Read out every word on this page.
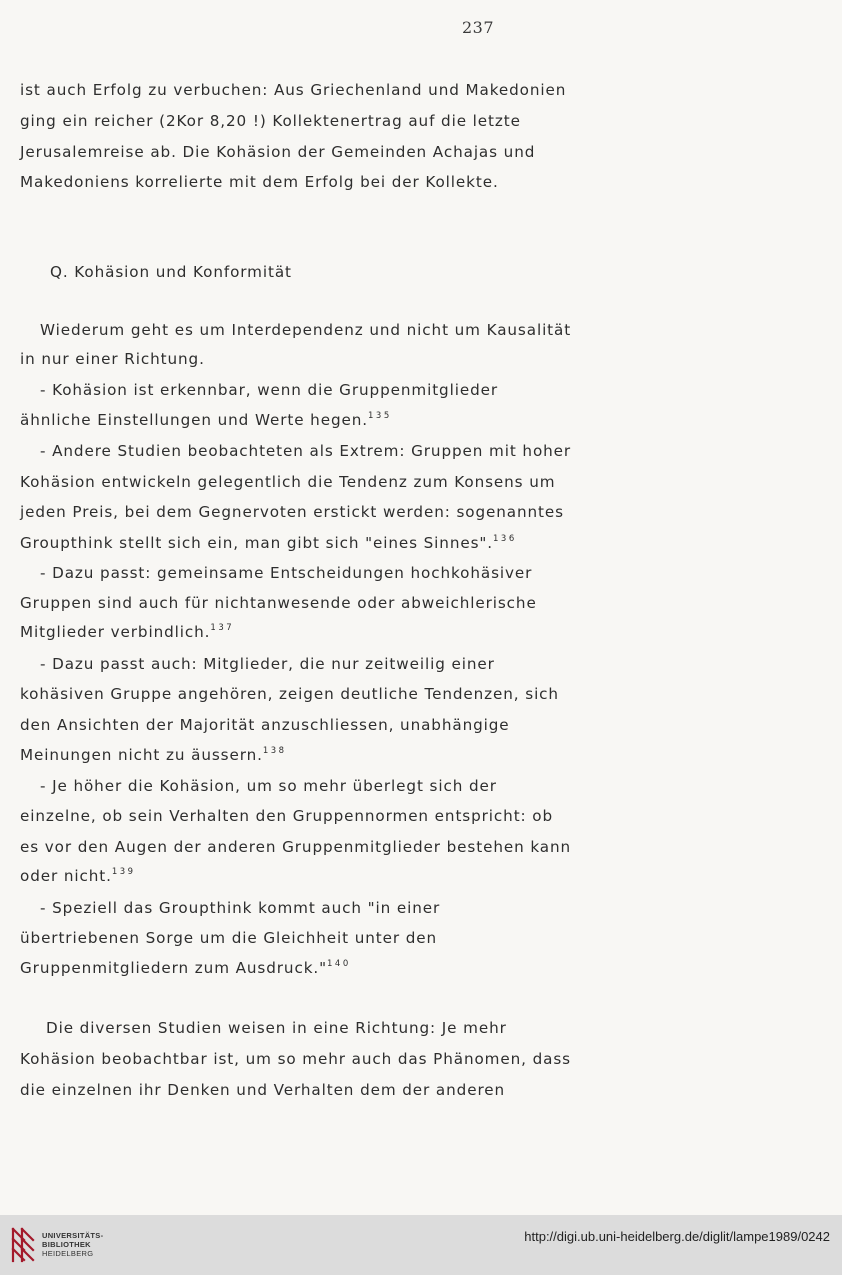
237
ist auch Erfolg zu verbuchen: Aus Griechenland und Makedonien
ging ein reicher (2Kor 8,20 !) Kollektenertrag auf die letzte
Jerusalemreise ab. Die Kohäsion der Gemeinden Achajas und
Makedoniens korrelierte mit dem Erfolg bei der Kollekte.
Q. Kohäsion und Konformität
Wiederum geht es um Interdependenz und nicht um Kausalität
in nur einer Richtung.
- Kohäsion ist erkennbar, wenn die Gruppenmitglieder
ähnliche Einstellungen und Werte hegen.$^{135}$
- Andere Studien beobachteten als Extrem: Gruppen mit hoher
Kohäsion entwickeln gelegentlich die Tendenz zum Konsens um
jeden Preis, bei dem Gegnervoten erstickt werden: sogenanntes
Groupthink stellt sich ein, man gibt sich "eines Sinnes".$^{136}$
- Dazu passt: gemeinsame Entscheidungen hochkohäsiver
Gruppen sind auch für nichtanwesende oder abweichlerische
Mitglieder verbindlich.$^{137}$
- Dazu passt auch: Mitglieder, die nur zeitweilig einer
kohäsiven Gruppe angehören, zeigen deutliche Tendenzen, sich
den Ansichten der Majorität anzuschliessen, unabhängige
Meinungen nicht zu äussern.$^{138}$
- Je höher die Kohäsion, um so mehr überlegt sich der
einzelne, ob sein Verhalten den Gruppennormen entspricht: ob
es vor den Augen der anderen Gruppenmitglieder bestehen kann
oder nicht.$^{139}$
- Speziell das Groupthink kommt auch "in einer
übertriebenen Sorge um die Gleichheit unter den
Gruppenmitgliedern zum Ausdruck."$^{140}$
Die diversen Studien weisen in eine Richtung: Je mehr
Kohäsion beobachtbar ist, um so mehr auch das Phänomen, dass
die einzelnen ihr Denken und Verhalten dem der anderen
UNIVERSITÄTS-
BIBLIOTHEK
HEIDELBERG
http://digi.ub.uni-heidelberg.de/diglit/lampe1989/0242
